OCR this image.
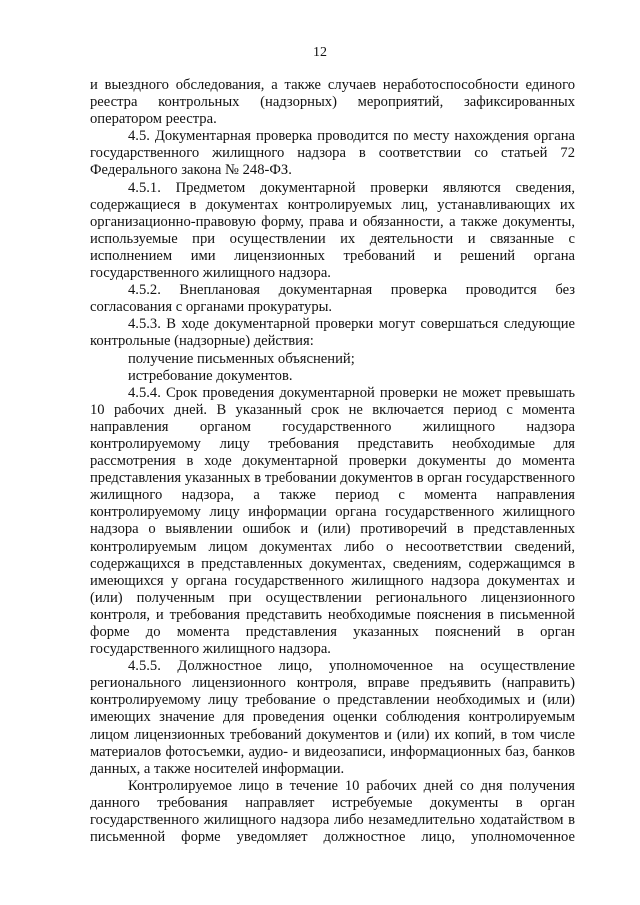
12

и выездного обследования, а также случаев неработоспособности единого реестра контрольных (надзорных) мероприятий, зафиксированных оператором реестра.

4.5. Документарная проверка проводится по месту нахождения органа государственного жилищного надзора в соответствии со статьей 72 Федерального закона № 248-ФЗ.

4.5.1. Предметом документарной проверки являются сведения, содержащиеся в документах контролируемых лиц, устанавливающих их организационно-правовую форму, права и обязанности, а также документы, используемые при осуществлении их деятельности и связанные с исполнением ими лицензионных требований и решений органа государственного жилищного надзора.

4.5.2. Внеплановая документарная проверка проводится без согласования с органами прокуратуры.

4.5.3. В ходе документарной проверки могут совершаться следующие контрольные (надзорные) действия:

получение письменных объяснений;

истребование документов.

4.5.4. Срок проведения документарной проверки не может превышать 10 рабочих дней. В указанный срок не включается период с момента направления органом государственного жилищного надзора контролируемому лицу требования представить необходимые для рассмотрения в ходе документарной проверки документы до момента представления указанных в требовании документов в орган государственного жилищного надзора, а также период с момента направления контролируемому лицу информации органа государственного жилищного надзора о выявлении ошибок и (или) противоречий в представленных контролируемым лицом документах либо о несоответствии сведений, содержащихся в представленных документах, сведениям, содержащимся в имеющихся у органа государственного жилищного надзора документах и (или) полученным при осуществлении регионального лицензионного контроля, и требования представить необходимые пояснения в письменной форме до момента представления указанных пояснений в орган государственного жилищного надзора.

4.5.5. Должностное лицо, уполномоченное на осуществление регионального лицензионного контроля, вправе предъявить (направить) контролируемому лицу требование о представлении необходимых и (или) имеющих значение для проведения оценки соблюдения контролируемым лицом лицензионных требований документов и (или) их копий, в том числе материалов фотосъемки, аудио- и видеозаписи, информационных баз, банков данных, а также носителей информации.

Контролируемое лицо в течение 10 рабочих дней со дня получения данного требования направляет истребуемые документы в орган государственного жилищного надзора либо незамедлительно ходатайством в письменной форме уведомляет должностное лицо, уполномоченное
